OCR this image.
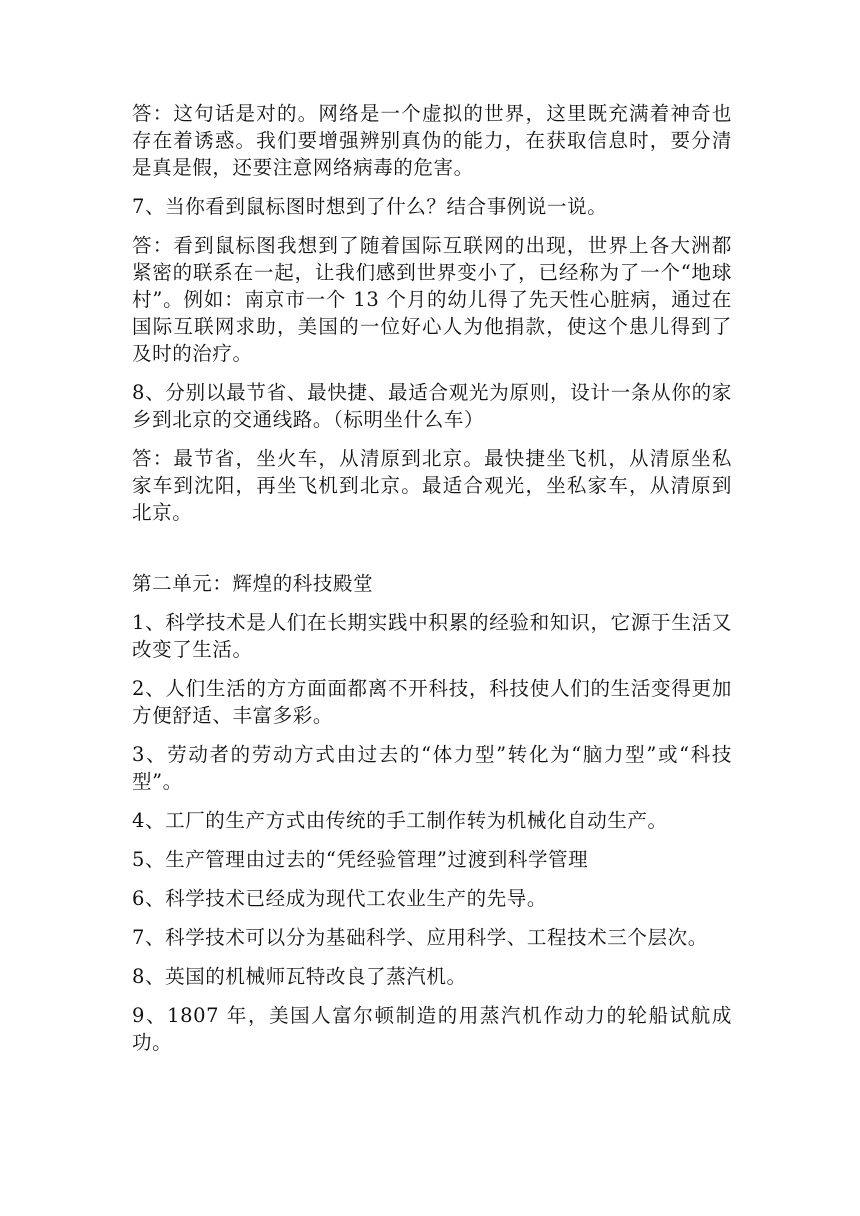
答：这句话是对的。网络是一个虚拟的世界，这里既充满着神奇也存在着诱惑。我们要增强辨别真伪的能力，在获取信息时，要分清是真是假，还要注意网络病毒的危害。

7、当你看到鼠标图时想到了什么？结合事例说一说。

答：看到鼠标图我想到了随着国际互联网的出现，世界上各大洲都紧密的联系在一起，让我们感到世界变小了，已经称为了一个“地球村”。例如：南京市一个 13 个月的幼儿得了先天性心脏病，通过在国际互联网求助，美国的一位好心人为他捐款，使这个患儿得到了及时的治疗。

8、分别以最节省、最快捷、最适合观光为原则，设计一条从你的家乡到北京的交通线路。（标明坐什么车）

答：最节省，坐火车，从清原到北京。最快捷坐飞机，从清原坐私家车到沈阳，再坐飞机到北京。最适合观光，坐私家车，从清原到北京。

第二单元：辉煌的科技殿堂

1、科学技术是人们在长期实践中积累的经验和知识，它源于生活又改变了生活。

2、人们生活的方方面面都离不开科技，科技使人们的生活变得更加方便舒适、丰富多彩。

3、劳动者的劳动方式由过去的“体力型”转化为“脑力型”或“科技型”。

4、工厂的生产方式由传统的手工制作转为机械化自动生产。

5、生产管理由过去的“凭经验管理”过渡到科学管理

6、科学技术已经成为现代工农业生产的先导。

7、科学技术可以分为基础科学、应用科学、工程技术三个层次。

8、英国的机械师瓦特改良了蒸汽机。

9、1807 年，美国人富尔顿制造的用蒸汽机作动力的轮船试航成功。
